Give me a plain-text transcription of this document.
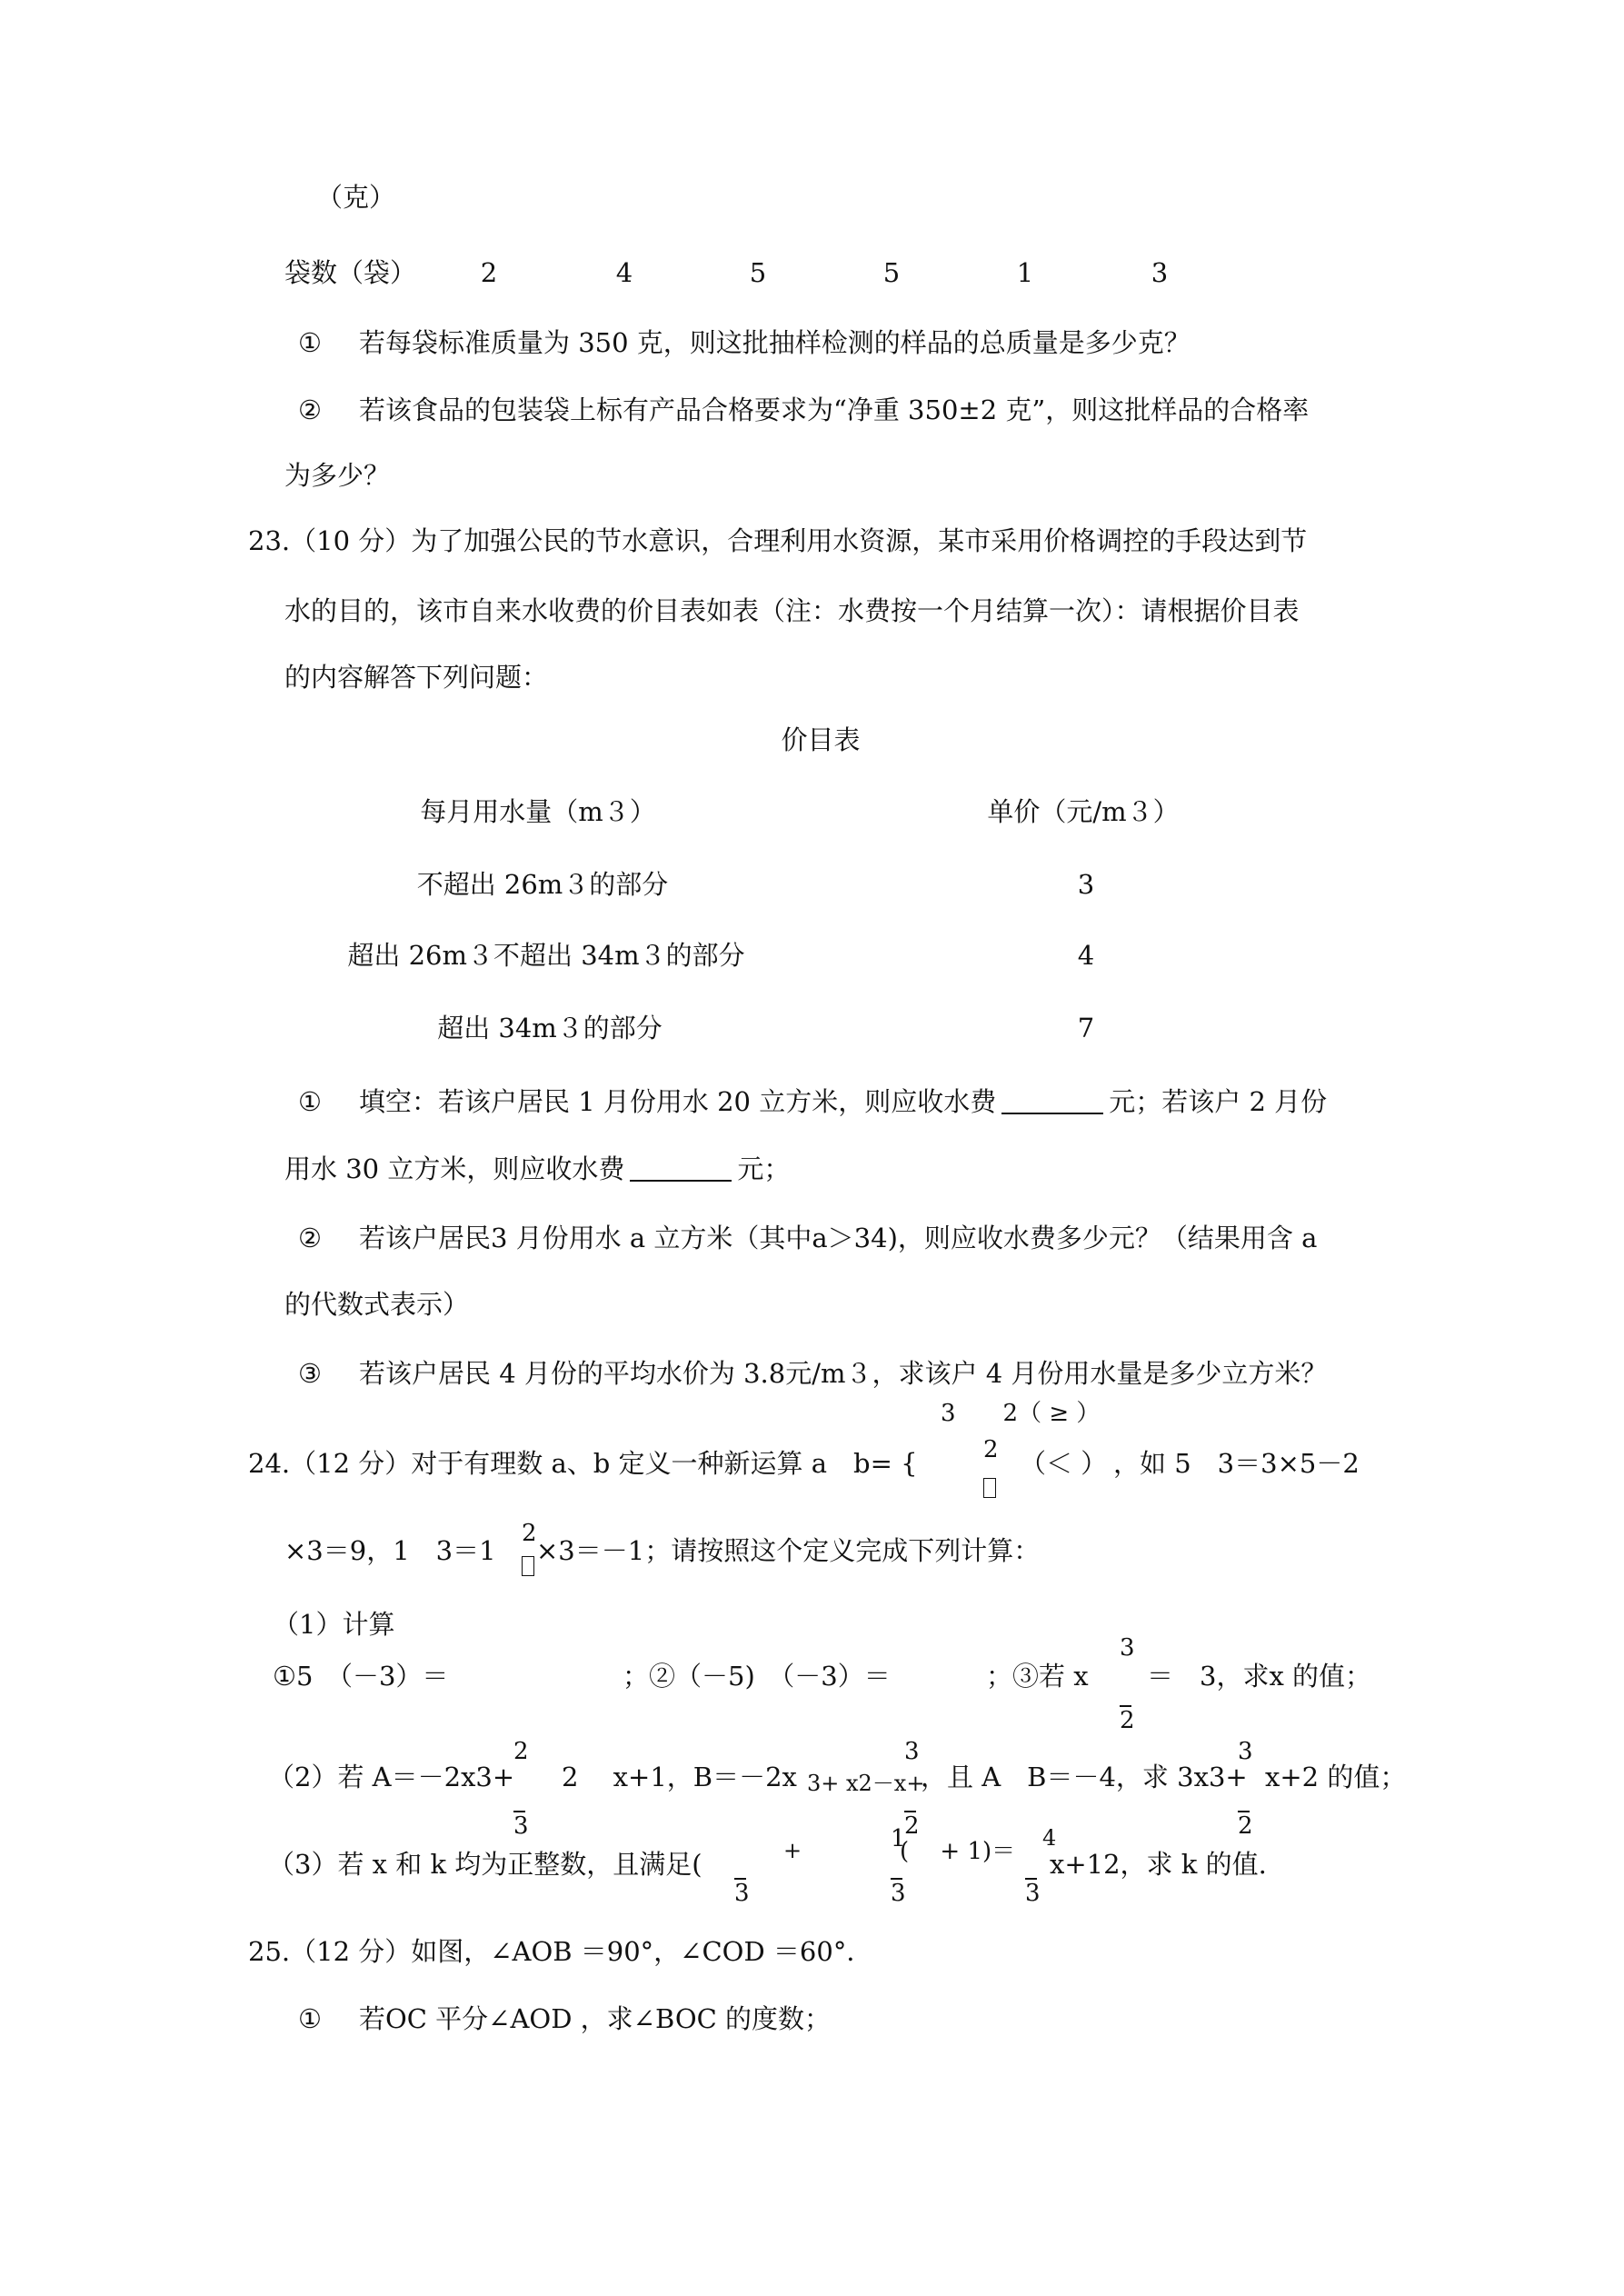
（克）
袋数（袋） 2	4	5	5	1	3
① 若每袋标准质量为 350 克，则这批抽样检测的样品的总质量是多少克？
② 若该食品的包装袋上标有产品合格要求为“净重 350±2 克”，则这批样品的合格率
为多少？
23.（10 分）为了加强公民的节水意识，合理利用水资源，某市采用价格调控的手段达到节
水的目的，该市自来水收费的价目表如表（注：水费按一个月结算一次）：请根据价目表
的内容解答下列问题：
价目表
每月用水量（m３）	单价（元/m３）
不超出 26m３的部分	3
超出 26m３不超出 34m３的部分	4
超出 34m３的部分	7
① 填空：若该户居民 1 月份用水 20 立方米，则应收水费	元；若该户 2 月份
用水 30 立方米，则应收水费	元；
② 若该户居民3 月份用水 a 立方米（其中a＞34)，则应收水费多少元？（结果用含 a
的代数式表示）
③ 若该户居民 4 月份的平均水价为 3.8元/m３，求该户 4 月份用水量是多少立方米？
3　　2（ ≥ ）
24.（12 分）对于有理数 a、b 定义一种新运算 a　b= {	2 （＜ ） ，如 5　3＝3×5－2
×3＝9，1　3＝1
2
×3＝－1；请按照这个定义完成下列计算：
（1）计算
①5　（－3）＝	；②（－5)　（－3）＝	；③若 x
3
2
＝　3，求x 的值；
（2）若 A＝－2x3+
2
3
2　 x+1，B＝－2x 3+ x2－x+
3
2
，且 A　B＝－4，求 3x3+
3
2
x+2 的值；
（3）若 x 和 k 均为正整数，且满足(
3
+	1
3
(　 + 1)＝ 4
3
x+12，求 k 的值.
25.（12 分）如图，∠AOB ＝90°，∠COD ＝60°．
① 若OC 平分∠AOD ，求∠BOC 的度数；
